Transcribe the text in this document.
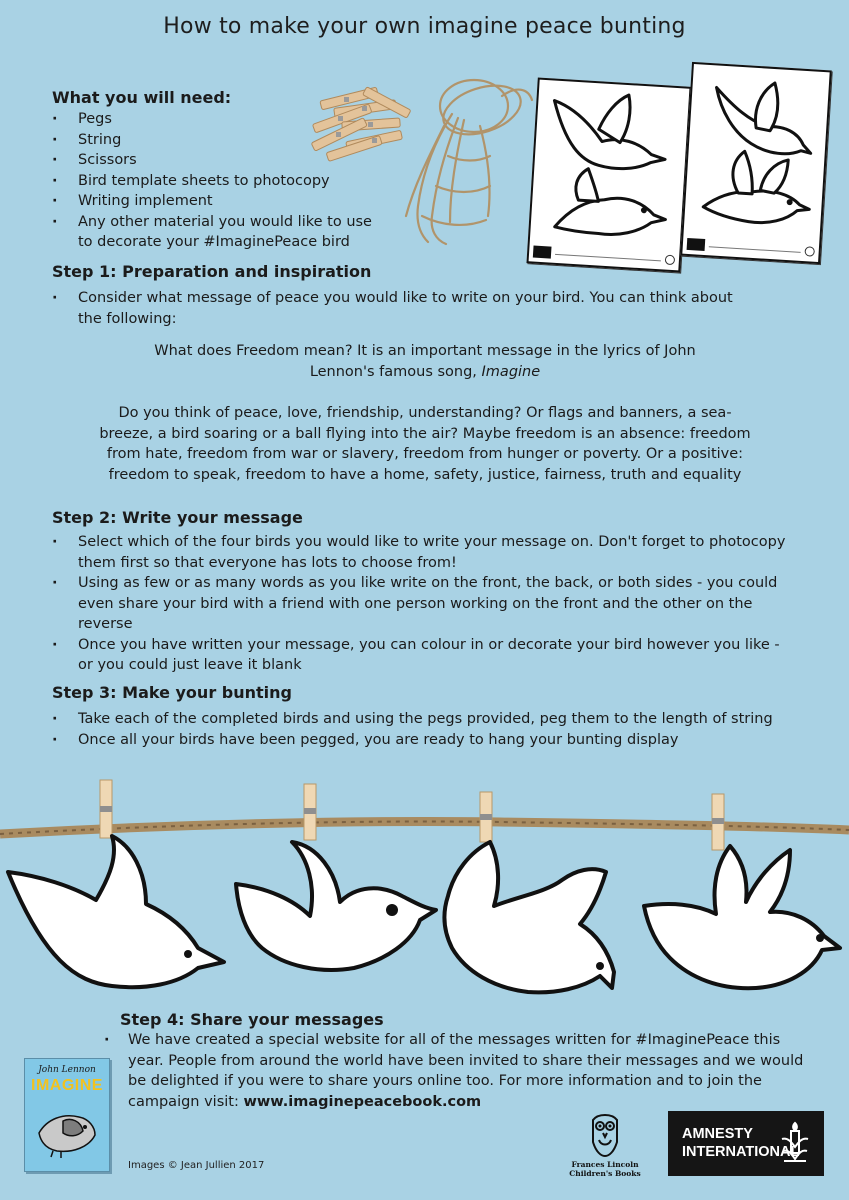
How to make your own imagine peace bunting
What you will need:
· Pegs
· String
· Scissors
· Bird template sheets to photocopy
· Writing implement
· Any other material you would like to use to decorate your #ImaginePeace bird
Step 1: Preparation and inspiration
· Consider what message of peace you would like to write on your bird. You can think about the following:

What does Freedom mean? It is an important message in the lyrics of John Lennon's famous song, Imagine

Do you think of peace, love, friendship, understanding? Or flags and banners, a sea-breeze, a bird soaring or a ball flying into the air? Maybe freedom is an absence: freedom from hate, freedom from war or slavery, freedom from hunger or poverty. Or a positive: freedom to speak, freedom to have a home, safety, justice, fairness, truth and equality

Step 2: Write your message
· Select which of the four birds you would like to write your message on. Don't forget to photocopy them first so that everyone has lots to choose from!
· Using as few or as many words as you like write on the front, the back, or both sides - you could even share your bird with a friend with one person working on the front and the other on the reverse
· Once you have written your message, you can colour in or decorate your bird however you like - or you could just leave it blank
Step 3: Make your bunting
· Take each of the completed birds and using the pegs provided, peg them to the length of string
· Once all your birds have been pegged, you are ready to hang your bunting display
Step 4: Share your messages
· We have created a special website for all of the messages written for #ImaginePeace this year. People from around the world have been invited to share their messages and we would be delighted if you were to share yours online too. For more information and to join the campaign visit: www.imaginepeacebook.com
John Lennon
IMAGINE
Images © Jean Jullien 2017	Frances Lincoln
Children's Books
AMNESTY
INTERNATIONAL
